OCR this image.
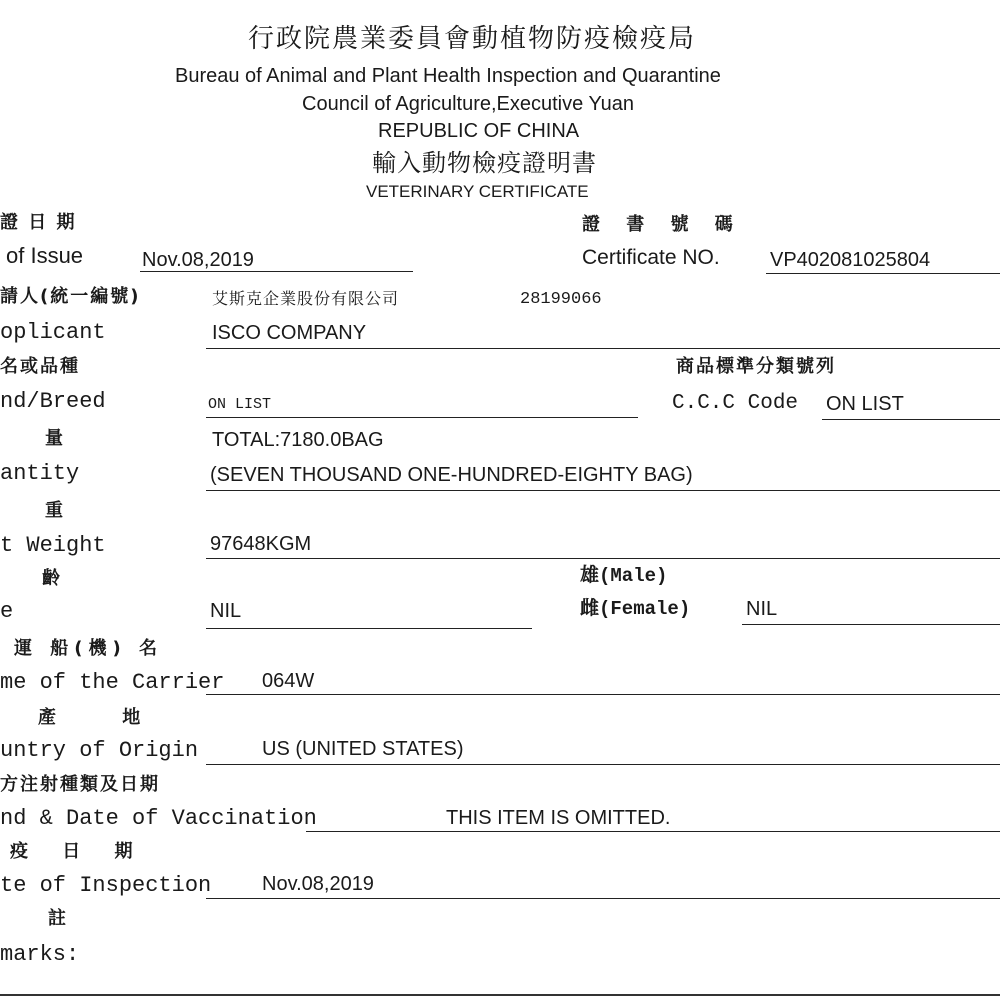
行政院農業委員會動植物防疫檢疫局
Bureau of Animal and Plant Health Inspection and Quarantine
Council of Agriculture,Executive Yuan
REPUBLIC OF CHINA
輸入動物檢疫證明書
VETERINARY CERTIFICATE
證 日 期
of Issue	Nov.08,2019
證 書 號 碼
Certificate NO.	VP402081025804
請人(統一編號)	艾斯克企業股份有限公司	28199066
oplicant	ISCO COMPANY
名或品種
nd/Breed	ON LIST
商品標準分類號列
C.C.C Code ON LIST
量	TOTAL:7180.0BAG
antity	(SEVEN THOUSAND ONE-HUNDRED-EIGHTY BAG)
重
t Weight	97648KGM
齡
e	NIL
雄(Male)
雌(Female)	NIL
運 船(機) 名
me of the Carrier 064W
產 地
untry of Origin	US (UNITED STATES)
方注射種類及日期
nd & Date of Vaccination	THIS ITEM IS OMITTED.
疫 日 期
te of Inspection	Nov.08,2019
註
marks:
